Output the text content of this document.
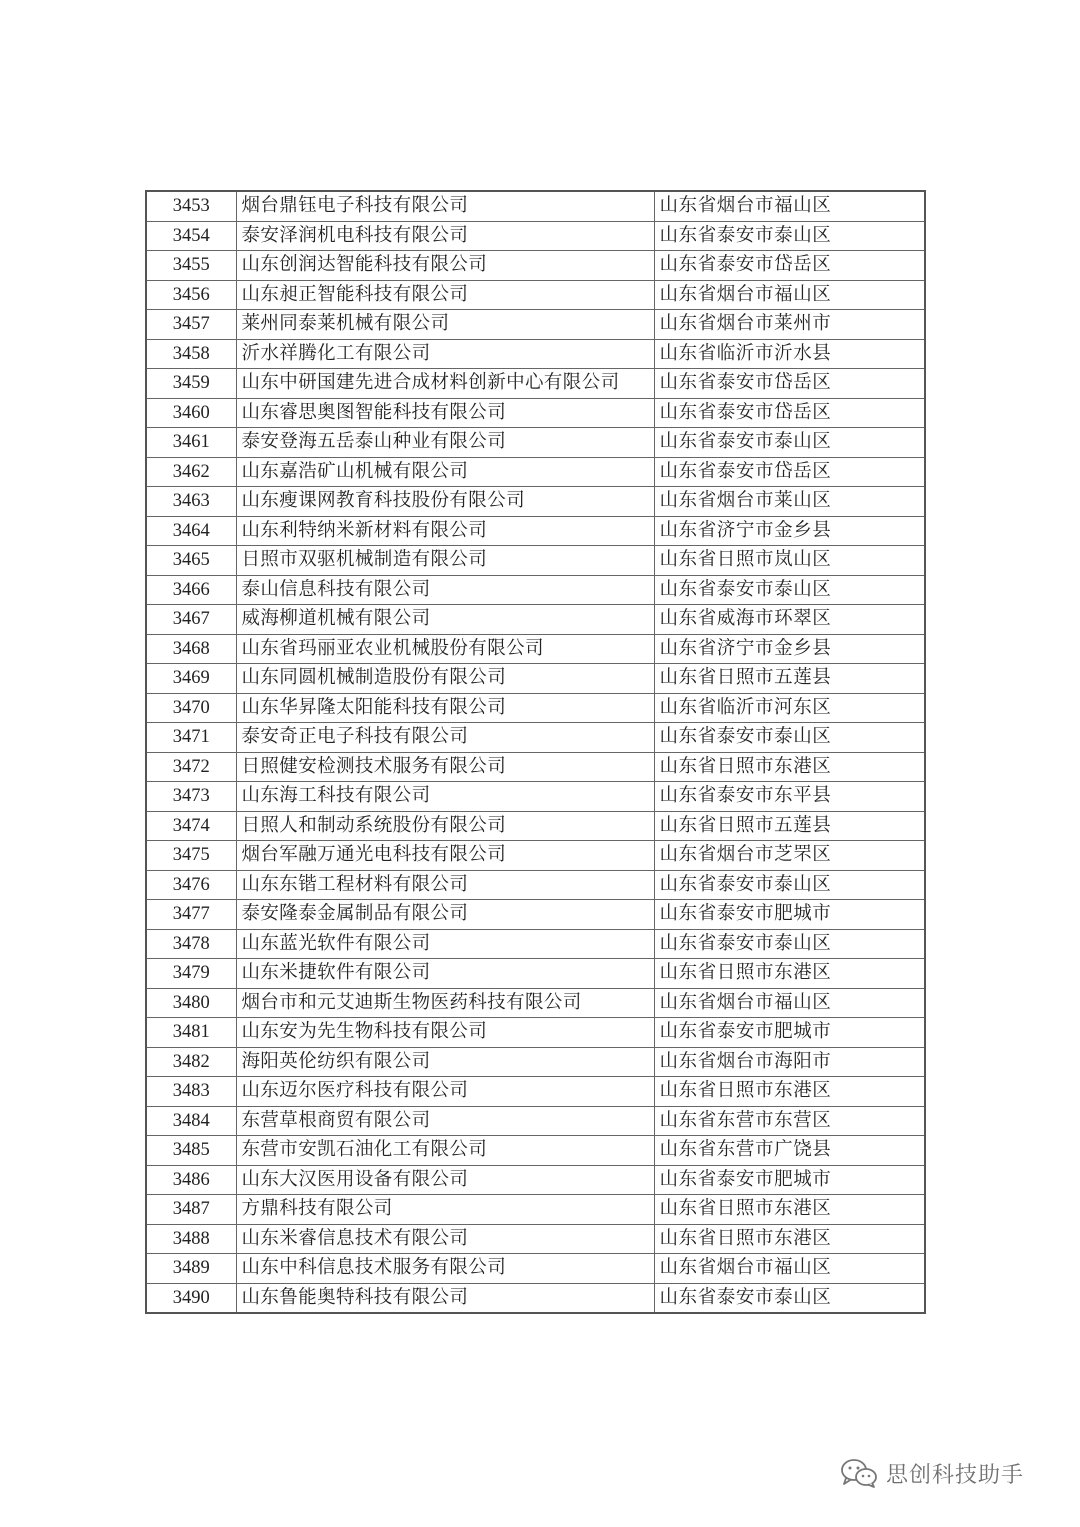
3453	烟台鼎钰电子科技有限公司	山东省烟台市福山区
3454	泰安泽润机电科技有限公司	山东省泰安市泰山区
3455	山东创润达智能科技有限公司	山东省泰安市岱岳区
3456	山东昶正智能科技有限公司	山东省烟台市福山区
3457	莱州同泰莱机械有限公司	山东省烟台市莱州市
3458	沂水祥腾化工有限公司	山东省临沂市沂水县
3459	山东中研国建先进合成材料创新中心有限公司	山东省泰安市岱岳区
3460	山东睿思奥图智能科技有限公司	山东省泰安市岱岳区
3461	泰安登海五岳泰山种业有限公司	山东省泰安市泰山区
3462	山东嘉浩矿山机械有限公司	山东省泰安市岱岳区
3463	山东瘦课网教育科技股份有限公司	山东省烟台市莱山区
3464	山东利特纳米新材料有限公司	山东省济宁市金乡县
3465	日照市双驱机械制造有限公司	山东省日照市岚山区
3466	泰山信息科技有限公司	山东省泰安市泰山区
3467	威海柳道机械有限公司	山东省威海市环翠区
3468	山东省玛丽亚农业机械股份有限公司	山东省济宁市金乡县
3469	山东同圆机械制造股份有限公司	山东省日照市五莲县
3470	山东华昇隆太阳能科技有限公司	山东省临沂市河东区
3471	泰安奇正电子科技有限公司	山东省泰安市泰山区
3472	日照健安检测技术服务有限公司	山东省日照市东港区
3473	山东海工科技有限公司	山东省泰安市东平县
3474	日照人和制动系统股份有限公司	山东省日照市五莲县
3475	烟台军融万通光电科技有限公司	山东省烟台市芝罘区
3476	山东东锴工程材料有限公司	山东省泰安市泰山区
3477	泰安隆泰金属制品有限公司	山东省泰安市肥城市
3478	山东蓝光软件有限公司	山东省泰安市泰山区
3479	山东米捷软件有限公司	山东省日照市东港区
3480	烟台市和元艾迪斯生物医药科技有限公司	山东省烟台市福山区
3481	山东安为先生物科技有限公司	山东省泰安市肥城市
3482	海阳英伦纺织有限公司	山东省烟台市海阳市
3483	山东迈尔医疗科技有限公司	山东省日照市东港区
3484	东营草根商贸有限公司	山东省东营市东营区
3485	东营市安凯石油化工有限公司	山东省东营市广饶县
3486	山东大汉医用设备有限公司	山东省泰安市肥城市
3487	方鼎科技有限公司	山东省日照市东港区
3488	山东米睿信息技术有限公司	山东省日照市东港区
3489	山东中科信息技术服务有限公司	山东省烟台市福山区
3490	山东鲁能奥特科技有限公司	山东省泰安市泰山区
思创科技助手
